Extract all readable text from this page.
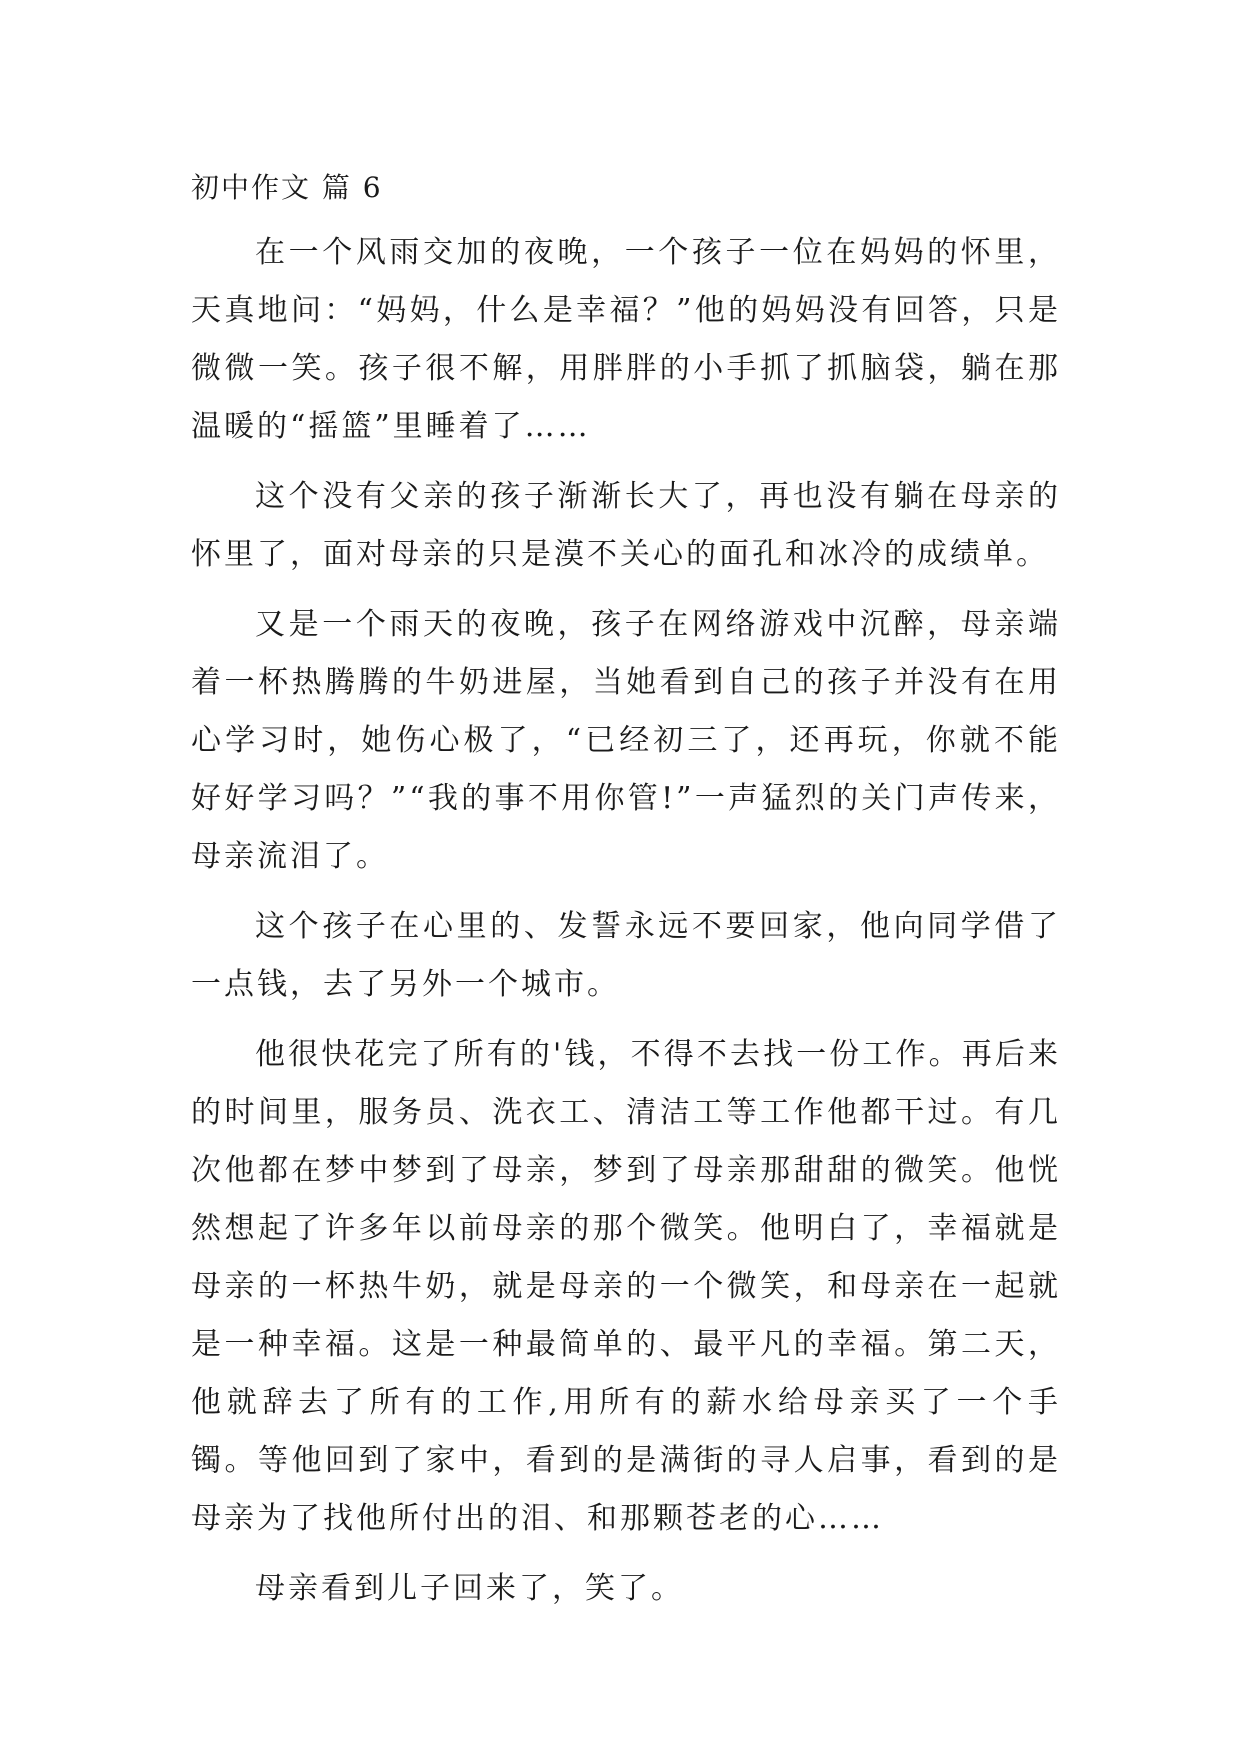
初中作文 篇 6

在一个风雨交加的夜晚，一个孩子一位在妈妈的怀里，天真地问：“妈妈，什么是幸福？”他的妈妈没有回答，只是微微一笑。孩子很不解，用胖胖的小手抓了抓脑袋，躺在那温暖的“摇篮”里睡着了……

这个没有父亲的孩子渐渐长大了，再也没有躺在母亲的怀里了，面对母亲的只是漠不关心的面孔和冰冷的成绩单。

又是一个雨天的夜晚，孩子在网络游戏中沉醉，母亲端着一杯热腾腾的牛奶进屋，当她看到自己的孩子并没有在用心学习时，她伤心极了，“已经初三了，还再玩，你就不能好好学习吗？”“我的事不用你管!”一声猛烈的关门声传来，母亲流泪了。

这个孩子在心里的、发誓永远不要回家，他向同学借了一点钱，去了另外一个城市。

他很快花完了所有的'钱，不得不去找一份工作。再后来的时间里，服务员、洗衣工、清洁工等工作他都干过。有几次他都在梦中梦到了母亲，梦到了母亲那甜甜的微笑。他恍然想起了许多年以前母亲的那个微笑。他明白了，幸福就是母亲的一杯热牛奶，就是母亲的一个微笑，和母亲在一起就是一种幸福。这是一种最简单的、最平凡的幸福。第二天，他就辞去了所有的工作,用所有的薪水给母亲买了一个手镯。等他回到了家中，看到的是满街的寻人启事，看到的是母亲为了找他所付出的泪、和那颗苍老的心……

母亲看到儿子回来了，笑了。
